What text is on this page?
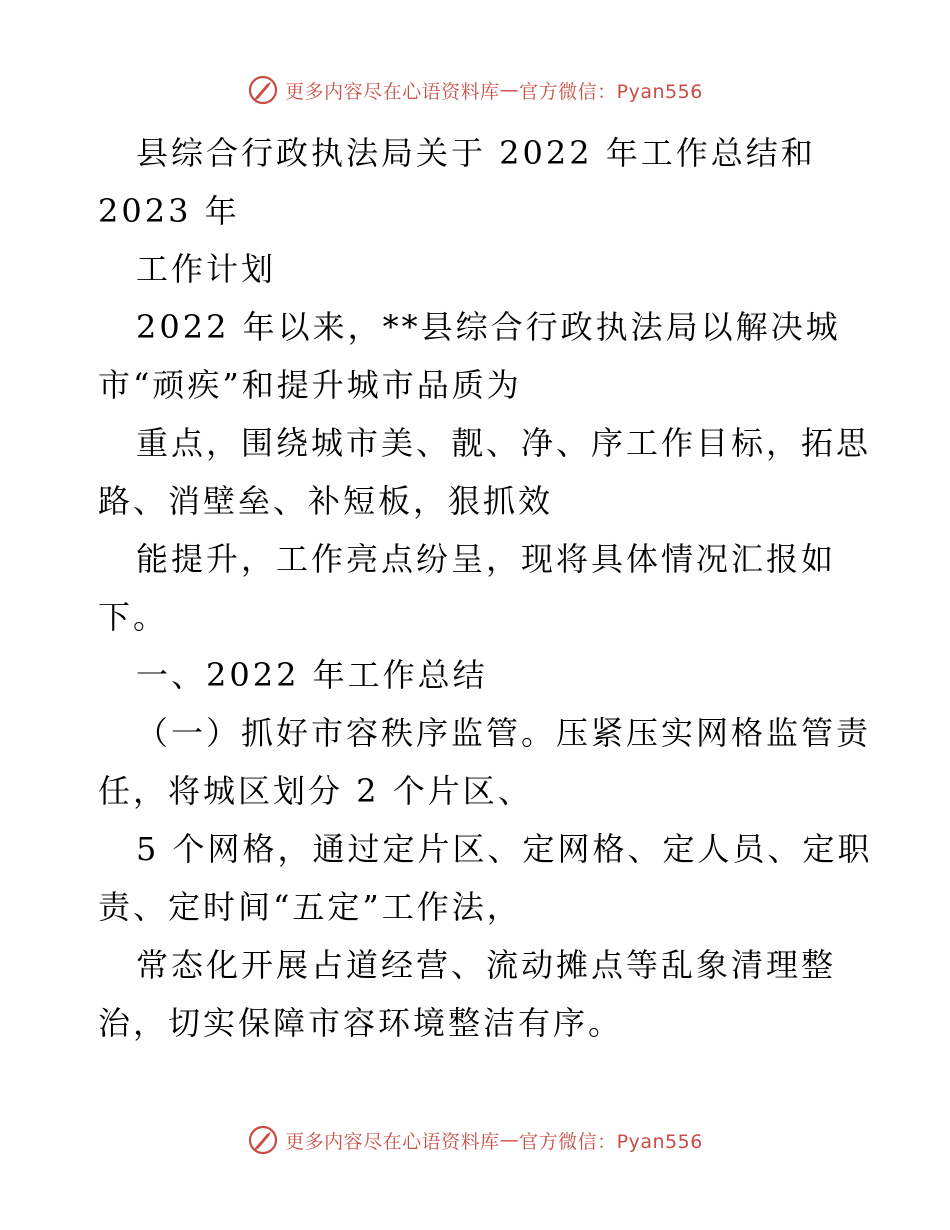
更多内容尽在心语资料库 — 官方微信：Pyan556
县综合行政执法局关于 2022 年工作总结和
2023 年
工作计划
2022 年以来，**县综合行政执法局以解决城
市“顽疾”和提升城市品质为
重点，围绕城市美、靓、净、序工作目标，拓思
路、消壁垒、补短板，狠抓效
能提升，工作亮点纷呈，现将具体情况汇报如
下。
一、2022 年工作总结
（一）抓好市容秩序监管。压紧压实网格监管责
任，将城区划分 2 个片区、
5 个网格，通过定片区、定网格、定人员、定职
责、定时间“五定”工作法，
常态化开展占道经营、流动摊点等乱象清理整
治，切实保障市容环境整洁有序。
更多内容尽在心语资料库 — 官方微信：Pyan556
